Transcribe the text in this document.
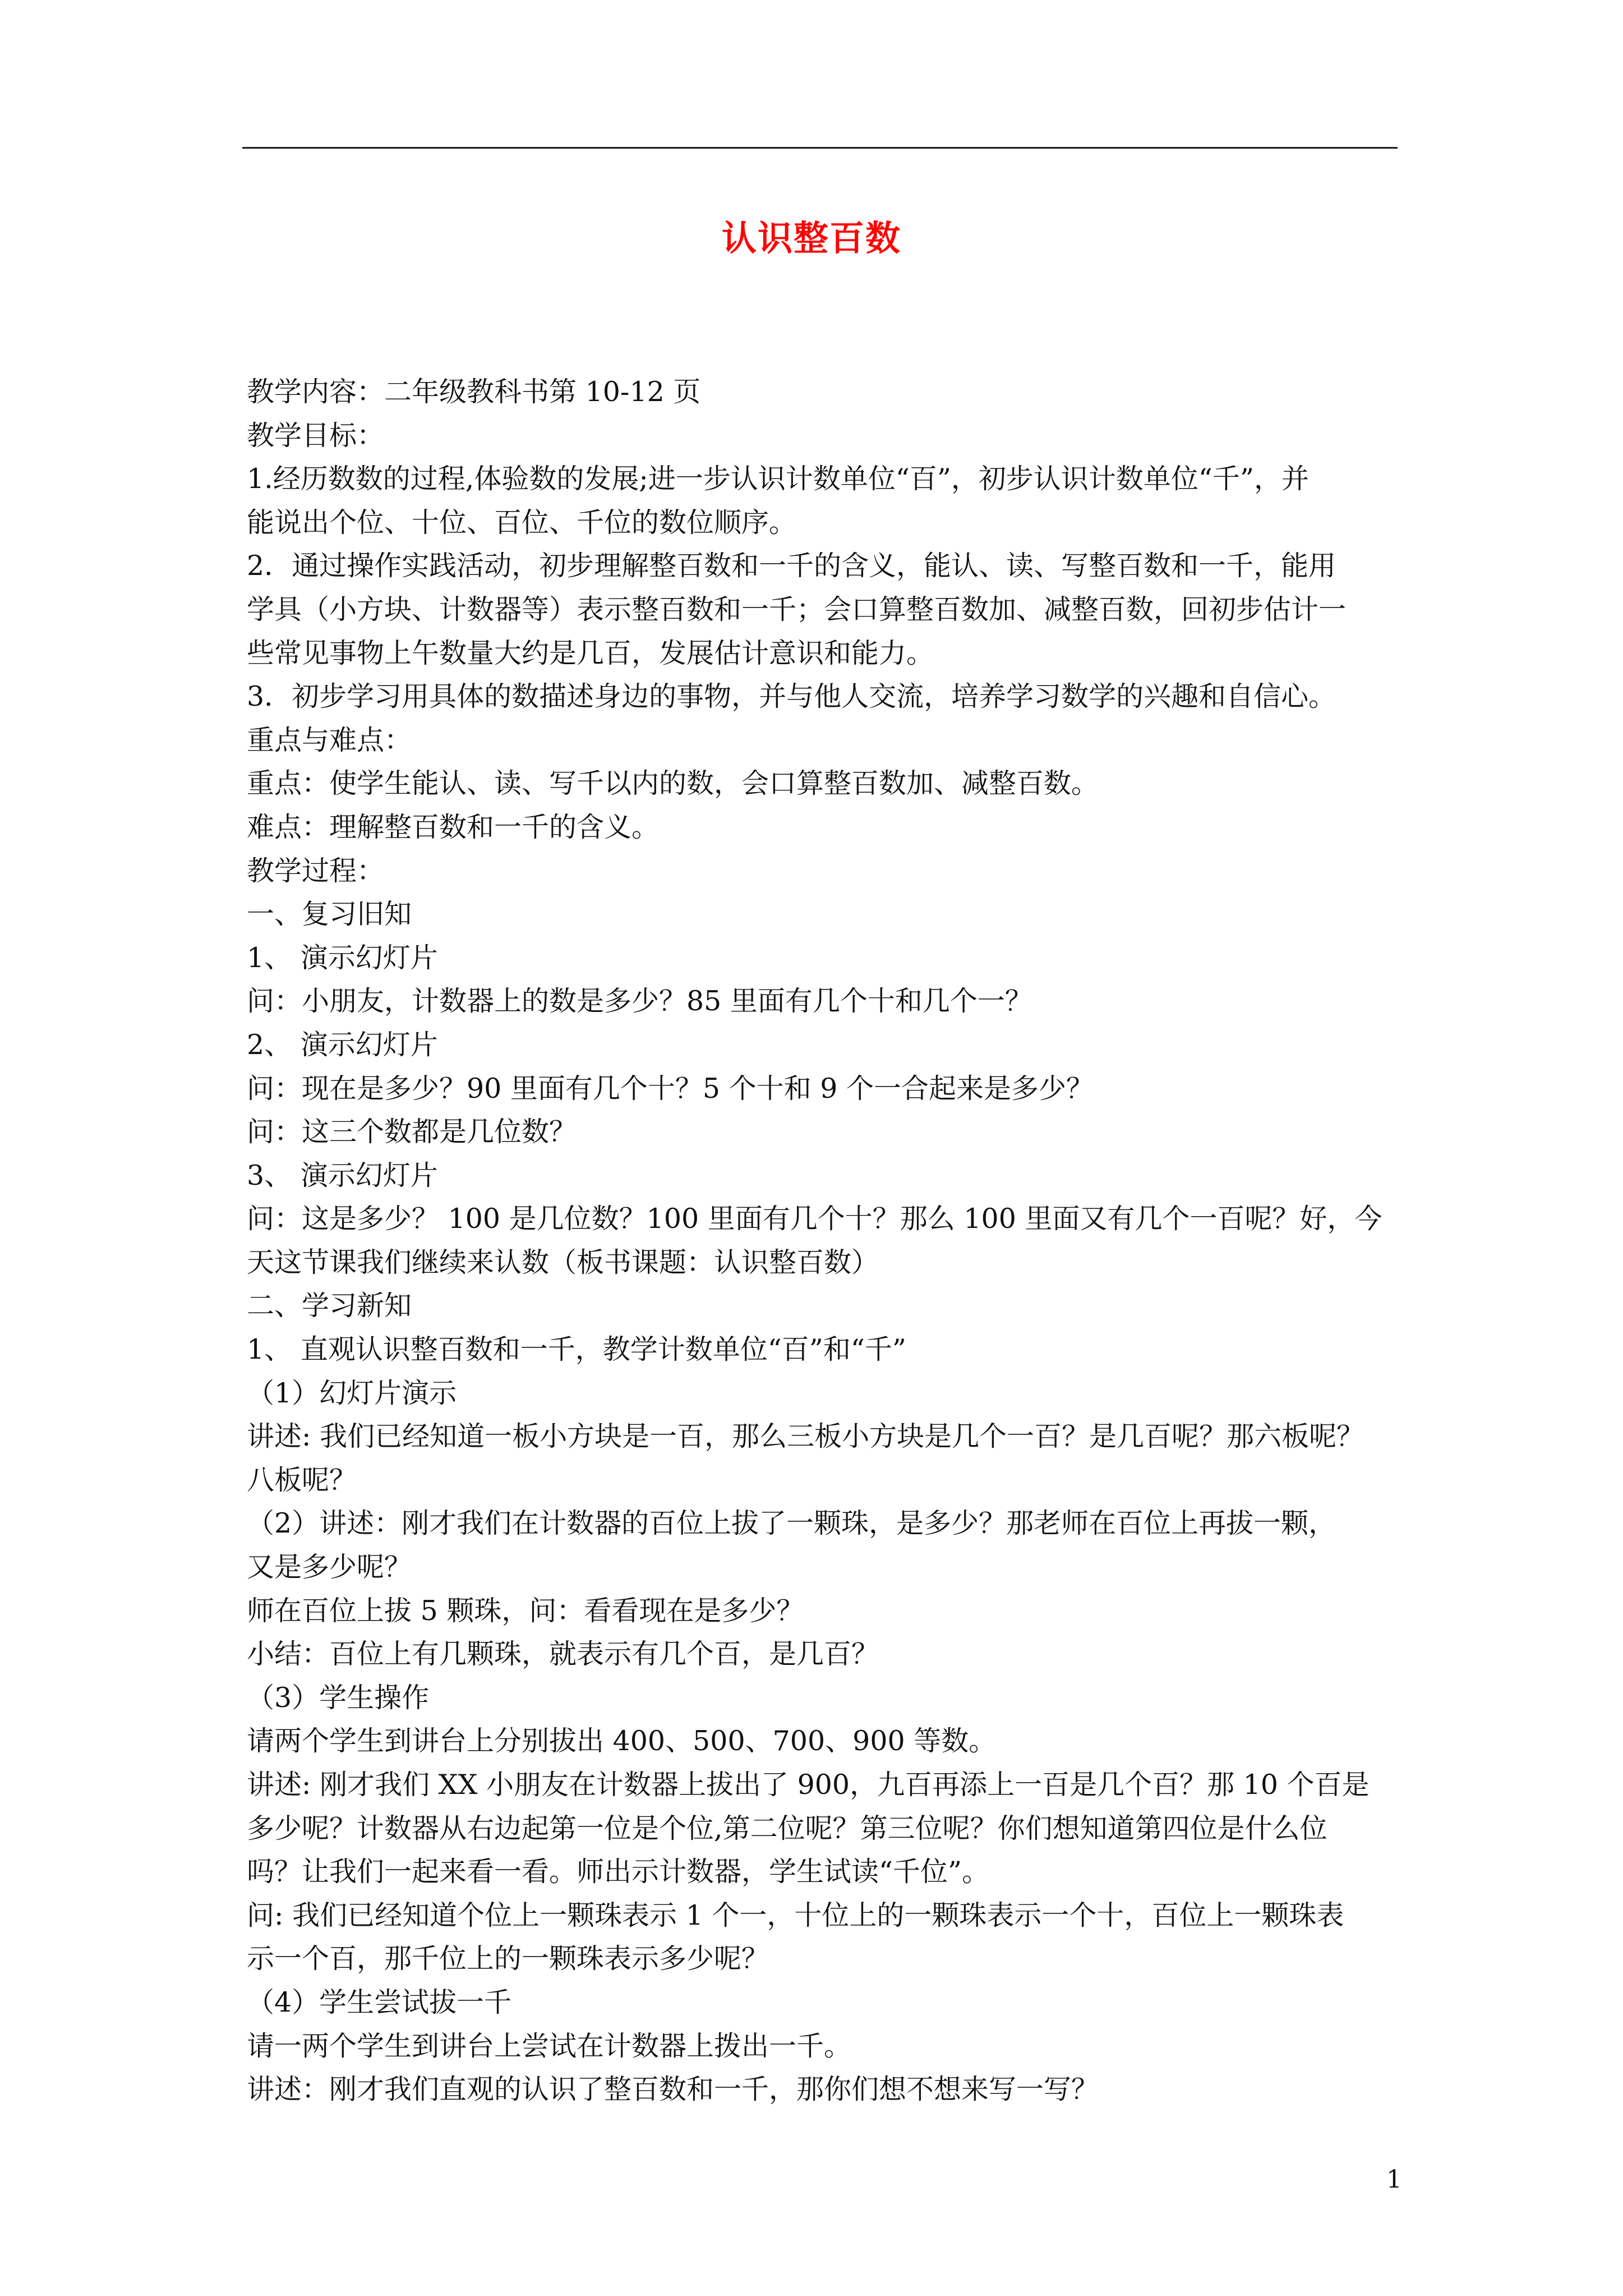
认识整百数
教学内容：二年级教科书第 10-12 页
教学目标：
1.经历数数的过程,体验数的发展;进一步认识计数单位“百”，初步认识计数单位“千”，并
能说出个位、十位、百位、千位的数位顺序。
2．通过操作实践活动，初步理解整百数和一千的含义，能认、读、写整百数和一千，能用
学具（小方块、计数器等）表示整百数和一千；会口算整百数加、减整百数，回初步估计一
些常见事物上午数量大约是几百，发展估计意识和能力。
3．初步学习用具体的数描述身边的事物，并与他人交流，培养学习数学的兴趣和自信心。
重点与难点：
重点：使学生能认、读、写千以内的数，会口算整百数加、减整百数。
难点：理解整百数和一千的含义。
教学过程：
一、复习旧知
1、 演示幻灯片
问：小朋友，计数器上的数是多少？85 里面有几个十和几个一？
2、 演示幻灯片
问：现在是多少？90 里面有几个十？5 个十和 9 个一合起来是多少？
问：这三个数都是几位数？
3、 演示幻灯片
问：这是多少？ 100 是几位数？100 里面有几个十？那么 100 里面又有几个一百呢？好，今
天这节课我们继续来认数（板书课题：认识整百数）
二、学习新知
1、 直观认识整百数和一千，教学计数单位“百”和“千”
（1）幻灯片演示
讲述: 我们已经知道一板小方块是一百，那么三板小方块是几个一百？是几百呢？那六板呢？
八板呢？
（2）讲述：刚才我们在计数器的百位上拔了一颗珠，是多少？那老师在百位上再拔一颗，
又是多少呢？
师在百位上拔 5 颗珠，问：看看现在是多少？
小结：百位上有几颗珠，就表示有几个百，是几百？
（3）学生操作
请两个学生到讲台上分别拔出 400、500、700、900 等数。
讲述: 刚才我们 XX 小朋友在计数器上拔出了 900，九百再添上一百是几个百？那 10 个百是
多少呢？计数器从右边起第一位是个位,第二位呢？第三位呢？你们想知道第四位是什么位
吗？让我们一起来看一看。师出示计数器，学生试读“千位”。
问: 我们已经知道个位上一颗珠表示 1 个一，十位上的一颗珠表示一个十，百位上一颗珠表
示一个百，那千位上的一颗珠表示多少呢？
（4）学生尝试拔一千
请一两个学生到讲台上尝试在计数器上拨出一千。
讲述：刚才我们直观的认识了整百数和一千，那你们想不想来写一写？
1
